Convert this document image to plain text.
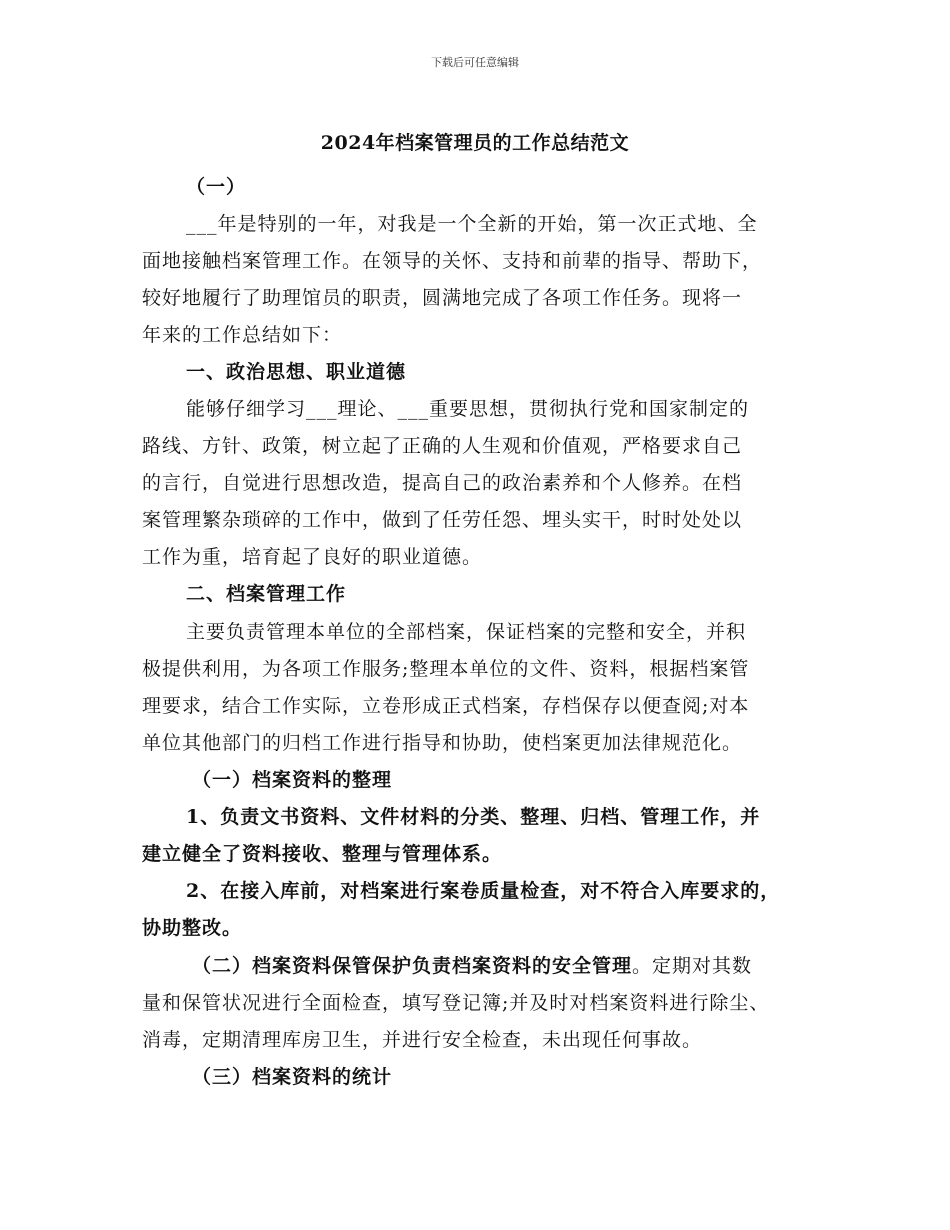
下载后可任意编辑
2024年档案管理员的工作总结范文
（一）
___年是特别的一年，对我是一个全新的开始，第一次正式地、全
面地接触档案管理工作。在领导的关怀、支持和前辈的指导、帮助下，
较好地履行了助理馆员的职责，圆满地完成了各项工作任务。现将一
年来的工作总结如下：
一、政治思想、职业道德
能够仔细学习___理论、___重要思想，贯彻执行党和国家制定的
路线、方针、政策，树立起了正确的人生观和价值观，严格要求自己
的言行，自觉进行思想改造，提高自己的政治素养和个人修养。在档
案管理繁杂琐碎的工作中，做到了任劳任怨、埋头实干，时时处处以
工作为重，培育起了良好的职业道德。
二、档案管理工作
主要负责管理本单位的全部档案，保证档案的完整和安全，并积
极提供利用，为各项工作服务;整理本单位的文件、资料，根据档案管
理要求，结合工作实际，立卷形成正式档案，存档保存以便查阅;对本
单位其他部门的归档工作进行指导和协助，使档案更加法律规范化。
（一）档案资料的整理
1、负责文书资料、文件材料的分类、整理、归档、管理工作，并
建立健全了资料接收、整理与管理体系。
2、在接入库前，对档案进行案卷质量检查，对不符合入库要求的，
协助整改。
（二）档案资料保管保护负责档案资料的安全管理。定期对其数
量和保管状况进行全面检查，填写登记簿;并及时对档案资料进行除尘、
消毒，定期清理库房卫生，并进行安全检查，未出现任何事故。
（三）档案资料的统计
